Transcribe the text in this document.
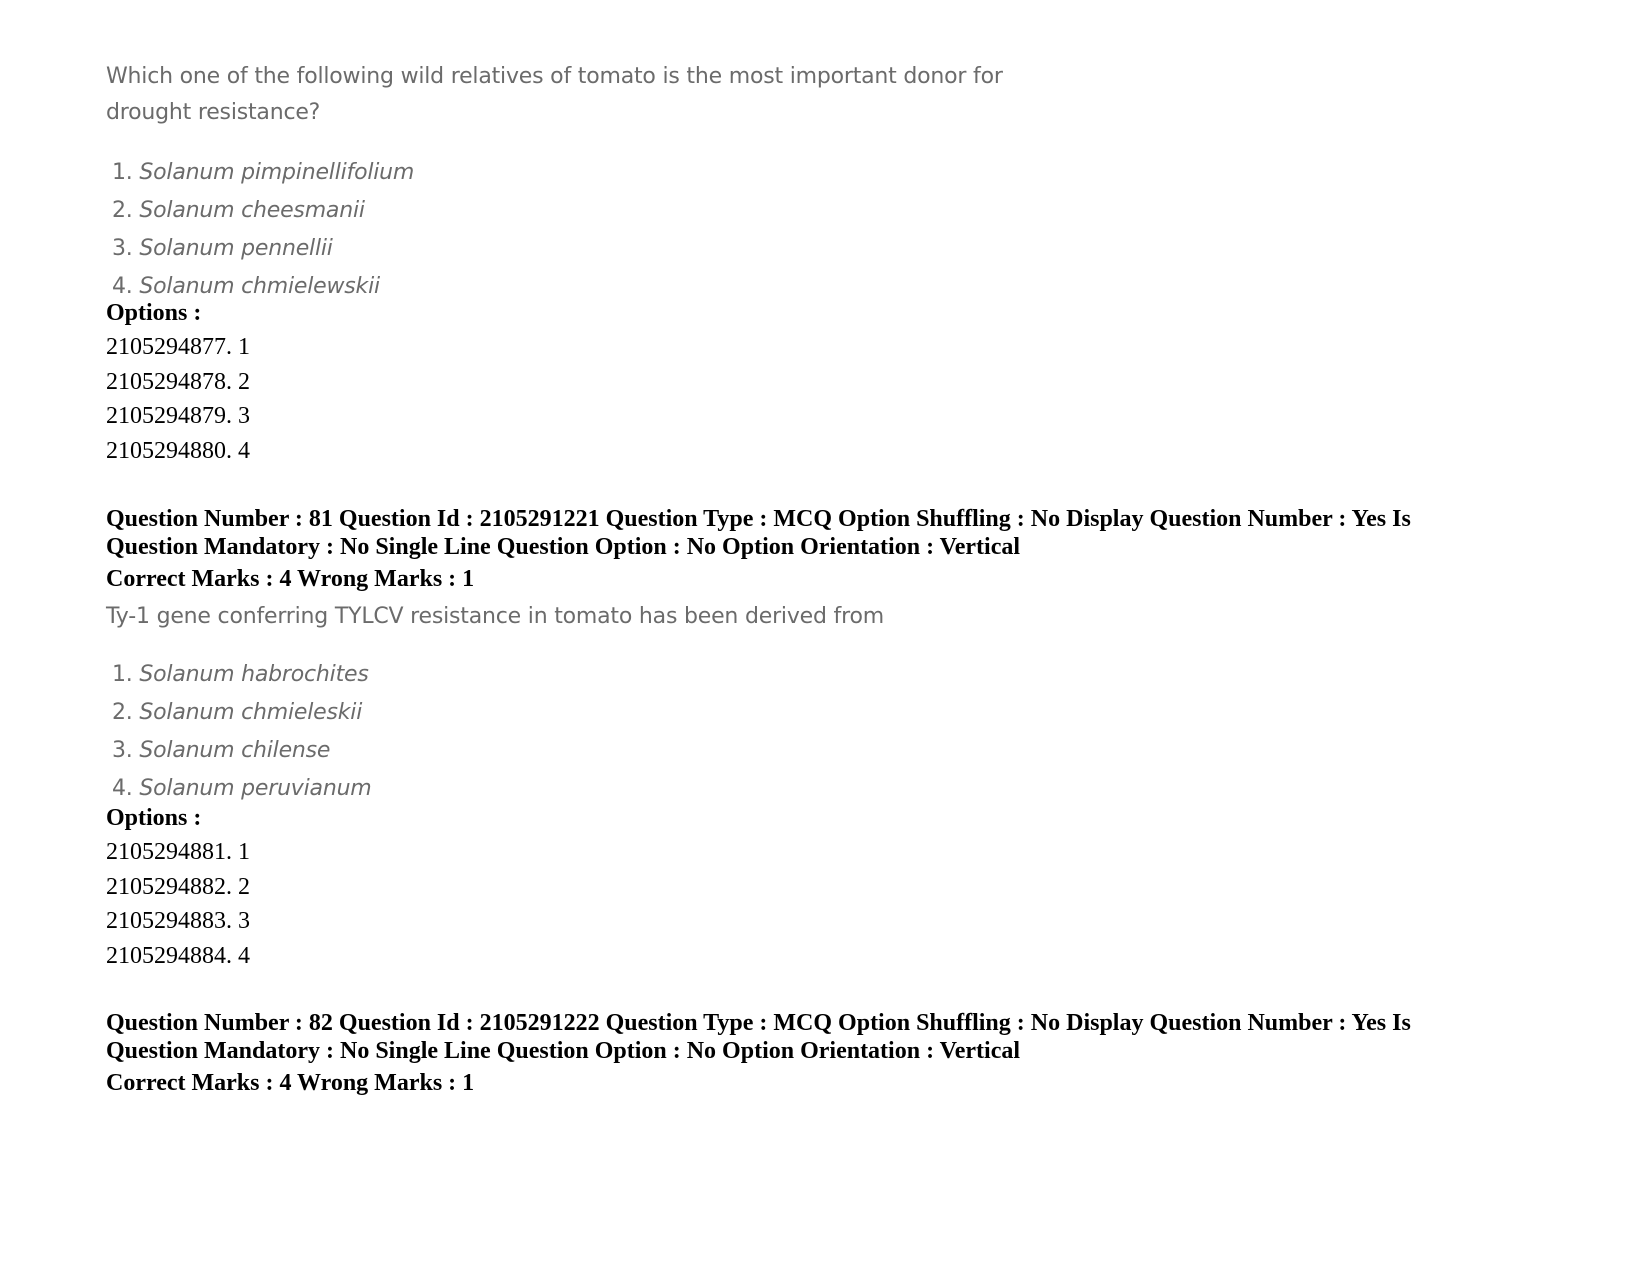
Which one of the following wild relatives of tomato is the most important donor for
drought resistance?
1. Solanum pimpinellifolium
2. Solanum cheesmanii
3. Solanum pennellii
4. Solanum chmielewskii
Options :
2105294877. 1
2105294878. 2
2105294879. 3
2105294880. 4
Question Number : 81 Question Id : 2105291221 Question Type : MCQ Option Shuffling : No Display Question Number : Yes Is
Question Mandatory : No Single Line Question Option : No Option Orientation : Vertical
Correct Marks : 4 Wrong Marks : 1
Ty-1 gene conferring TYLCV resistance in tomato has been derived from
1. Solanum habrochites
2. Solanum chmieleskii
3. Solanum chilense
4. Solanum peruvianum
Options :
2105294881. 1
2105294882. 2
2105294883. 3
2105294884. 4
Question Number : 82 Question Id : 2105291222 Question Type : MCQ Option Shuffling : No Display Question Number : Yes Is
Question Mandatory : No Single Line Question Option : No Option Orientation : Vertical
Correct Marks : 4 Wrong Marks : 1
